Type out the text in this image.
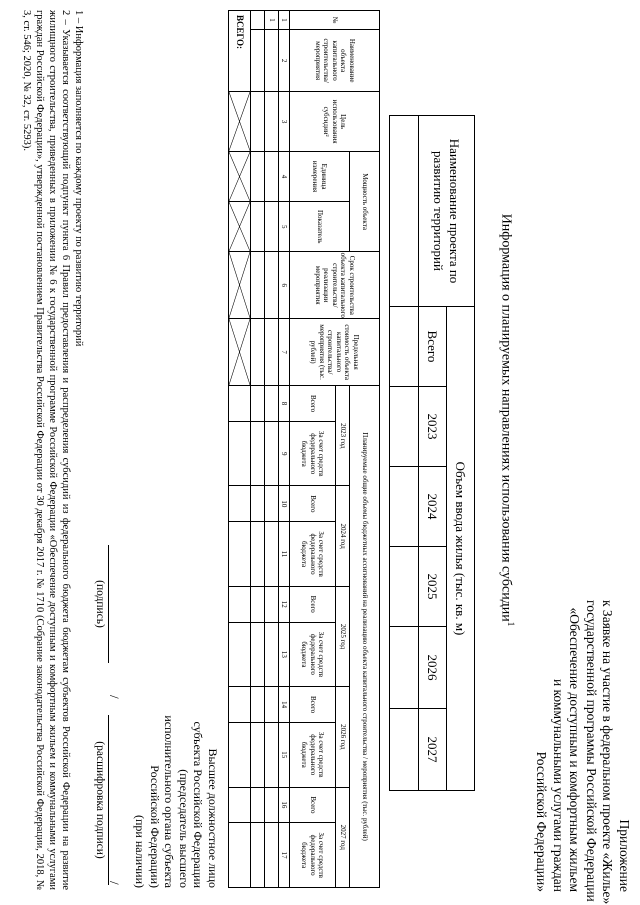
Приложение
к Заявке на участие в федеральном проекте «Жилье»
государственной программы Российской Федерации
«Обеспечение доступным и комфортным жильем
и коммунальными услугами граждан
Российской Федерации»
Информация о планируемых направлениях использования субсидии$^1$
Наименование проекта по развитию территорий	Объем ввода жилья (тыс. кв. м)					
	Всего	2023	2024	2025	2026	2027

№	Наименование объекта капитального строительства/ мероприятия	Цель использования субсидии²	Мощность объекта		Срок строительства объекта капитального строительства/ реализации мероприятия	Предельная стоимость объекта капитального строительства/ мероприятия (тыс. рублей)	Планируемые общие объемы бюджетных ассигнований на реализацию объекта капитального строительства / мероприятия (тыс. рублей)									
			Единица измерения	Показатель			2023 год		2024 год		2025 год		2026 год		2027 год	
							Всего	За счет средств федерального бюджета	Всего	За счет средств федерального бюджета	Всего	За счет средств федерального бюджета	Всего	За счет средств федерального бюджета	Всего	За счет средств федерального бюджета
1	2	3	4	5	6	7	8	9	10	11	12	13	14	15	16	17
1																

ВСЕГО:	

Высшее должностное лицо
субъекта Российской Федерации
(председатель высшего
исполнительного органа субъекта
Российской Федерации)
(при наличии)
(подпись)
/
/
(расшифровка подписи)

1 – Информация заполняется по каждому проекту по развитию территорий

2 – Указывается соответствующий подпункт пункта 6 Правил предоставления и распределения субсидий из федерального бюджета бюджетам субъектов Российской Федерации на развитие жилищного строительства, приведенных в приложении № 6 к государственной программе Российской Федерации «Обеспечение доступным и комфортным жильем и коммунальными услугами граждан Российской Федерации», утвержденной постановлением Правительства Российской Федерации от 30 декабря 2017 г. № 1710 (Собрание законодательства Российской Федерации, 2018, № 3, ст. 546; 2020, № 32, ст. 5293).
